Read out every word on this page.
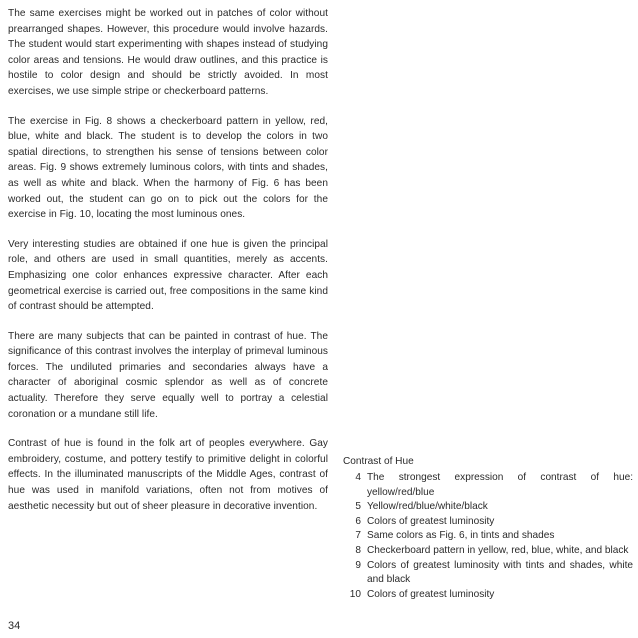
The same exercises might be worked out in patches of color without prearranged shapes. However, this procedure would involve hazards. The student would start experimenting with shapes instead of studying color areas and tensions. He would draw outlines, and this practice is hostile to color design and should be strictly avoided. In most exercises, we use simple stripe or checkerboard patterns.

The exercise in Fig. 8 shows a checkerboard pattern in yellow, red, blue, white and black. The student is to develop the colors in two spatial directions, to strengthen his sense of tensions between color areas. Fig. 9 shows extremely luminous colors, with tints and shades, as well as white and black. When the harmony of Fig. 6 has been worked out, the student can go on to pick out the colors for the exercise in Fig. 10, locating the most luminous ones.

Very interesting studies are obtained if one hue is given the principal role, and others are used in small quantities, merely as accents. Emphasizing one color enhances expressive character. After each geometrical exercise is carried out, free compositions in the same kind of contrast should be attempted.

There are many subjects that can be painted in contrast of hue. The significance of this contrast involves the interplay of primeval luminous forces. The undiluted primaries and secondaries always have a character of aboriginal cosmic splendor as well as of concrete actuality. Therefore they serve equally well to portray a celestial coronation or a mundane still life.

Contrast of hue is found in the folk art of peoples everywhere. Gay embroidery, costume, and pottery testify to primitive delight in colorful effects. In the illuminated manuscripts of the Middle Ages, contrast of hue was used in manifold variations, often not from motives of aesthetic necessity but out of sheer pleasure in decorative invention.

Contrast of Hue
4 The strongest expression of contrast of hue: yellow/red/blue
5 Yellow/red/blue/white/black
6 Colors of greatest luminosity
7 Same colors as Fig. 6, in tints and shades
8 Checkerboard pattern in yellow, red, blue, white, and black
9 Colors of greatest luminosity with tints and shades, white and black
10 Colors of greatest luminosity
34
